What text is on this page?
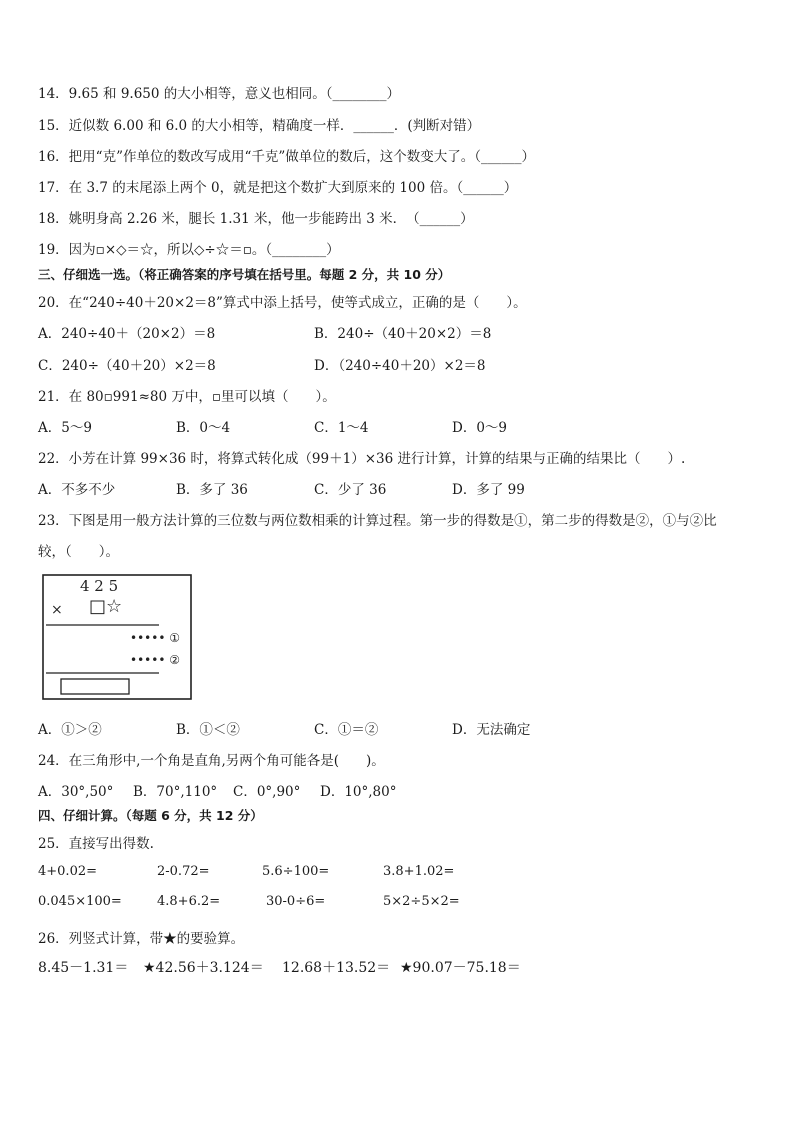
14．9.65 和 9.650 的大小相等，意义也相同。（________）
15．近似数 6.00 和 6.0 的大小相等，精确度一样．______．(判断对错）
16．把用“克”作单位的数改写成用“千克”做单位的数后，这个数变大了。（______）
17．在 3.7 的末尾添上两个 0，就是把这个数扩大到原来的 100 倍。（______）
18．姚明身高 2.26 米，腿长 1.31 米，他一步能跨出 3 米．　（______）
19．因为▫×◇＝☆，所以◇÷☆＝▫。（________）
三、仔细选一选。（将正确答案的序号填在括号里。每题 2 分，共 10 分）
20．在“240÷40＋20×2＝8”算式中添上括号，使等式成立，正确的是（　　）。
A．240÷40＋（20×2）＝8	B．240÷（40＋20×2）＝8
C．240÷（40＋20）×2＝8	D．（240÷40＋20）×2＝8
21．在 80▫991≈80 万中，▫里可以填（　　）。
A．5～9	B．0～4	C．1～4	D．0～9
22．小芳在计算 99×36 时，将算式转化成（99＋1）×36 进行计算，计算的结果与正确的结果比（　　）.
A．不多不少	B．多了 36	C．少了 36	D．多了 99
23．下图是用一般方法计算的三位数与两位数相乘的计算过程。第一步的得数是①，第二步的得数是②，①与②比
较，（　　）。
4 2 5
× □☆
••••• ①
••••• ②
A．①＞②	B．①＜②	C．①＝②	D．无法确定
24．在三角形中,一个角是直角,另两个角可能各是(　　)。
A．30°,50° B．70°,110° C．0°,90° D．10°,80°
四、仔细计算。（每题 6 分，共 12 分）
25．直接写出得数.
4+0.02=	2-0.72=	5.6÷100=	3.8+1.02=
0.045×100=	4.8+6.2=	30-0÷6=	5×2÷5×2=
26．列竖式计算，带★的要验算。
8.45－1.31＝ ★42.56＋3.124＝ 12.68＋13.52＝ ★90.07－75.18＝
